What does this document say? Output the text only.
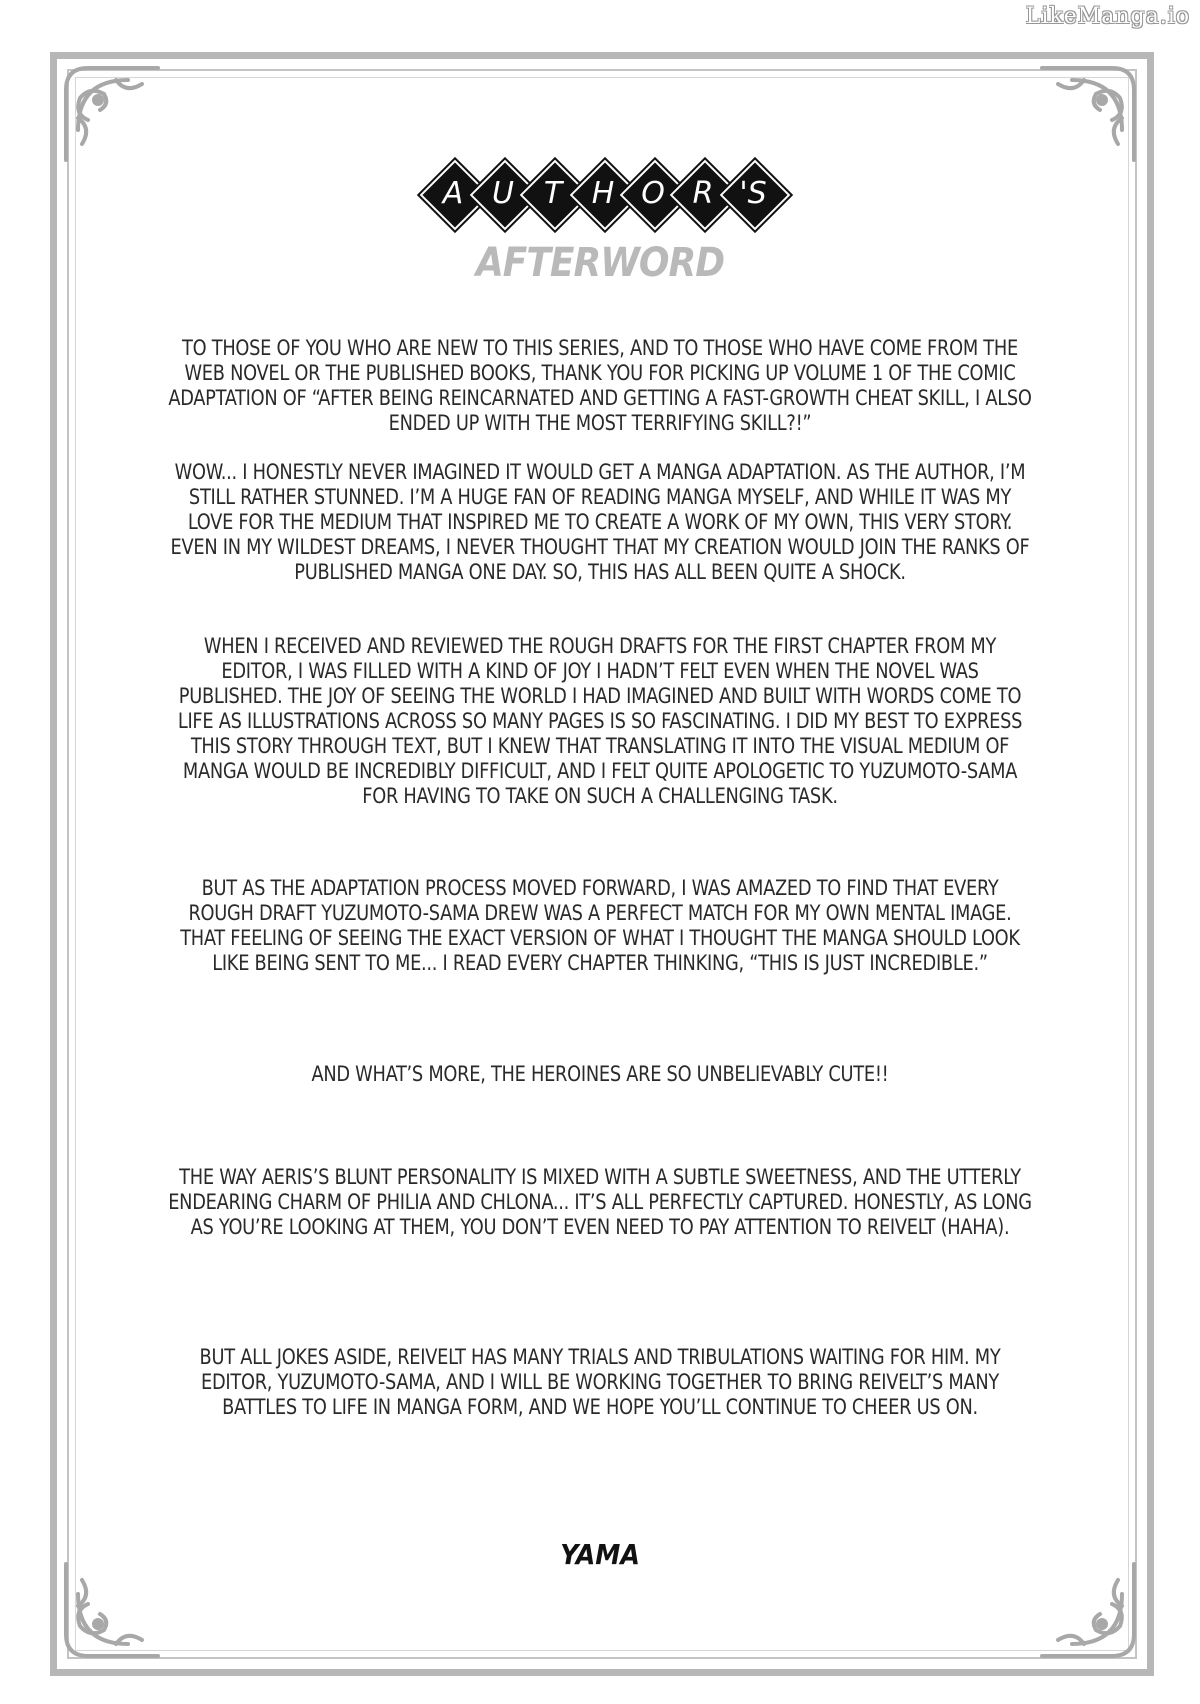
LikeManga.io
A U T H O R 'S
AFTERWORD
TO THOSE OF YOU WHO ARE NEW TO THIS SERIES, AND TO THOSE WHO HAVE COME FROM THE WEB NOVEL OR THE PUBLISHED BOOKS, THANK YOU FOR PICKING UP VOLUME 1 OF THE COMIC ADAPTATION OF “AFTER BEING REINCARNATED AND GETTING A FAST-GROWTH CHEAT SKILL, I ALSO ENDED UP WITH THE MOST TERRIFYING SKILL?!”
WOW... I HONESTLY NEVER IMAGINED IT WOULD GET A MANGA ADAPTATION. AS THE AUTHOR, I’M STILL RATHER STUNNED. I’M A HUGE FAN OF READING MANGA MYSELF, AND WHILE IT WAS MY LOVE FOR THE MEDIUM THAT INSPIRED ME TO CREATE A WORK OF MY OWN, THIS VERY STORY. EVEN IN MY WILDEST DREAMS, I NEVER THOUGHT THAT MY CREATION WOULD JOIN THE RANKS OF PUBLISHED MANGA ONE DAY. SO, THIS HAS ALL BEEN QUITE A SHOCK.
WHEN I RECEIVED AND REVIEWED THE ROUGH DRAFTS FOR THE FIRST CHAPTER FROM MY EDITOR, I WAS FILLED WITH A KIND OF JOY I HADN’T FELT EVEN WHEN THE NOVEL WAS PUBLISHED. THE JOY OF SEEING THE WORLD I HAD IMAGINED AND BUILT WITH WORDS COME TO LIFE AS ILLUSTRATIONS ACROSS SO MANY PAGES IS SO FASCINATING. I DID MY BEST TO EXPRESS THIS STORY THROUGH TEXT, BUT I KNEW THAT TRANSLATING IT INTO THE VISUAL MEDIUM OF MANGA WOULD BE INCREDIBLY DIFFICULT, AND I FELT QUITE APOLOGETIC TO YUZUMOTO-SAMA FOR HAVING TO TAKE ON SUCH A CHALLENGING TASK.
BUT AS THE ADAPTATION PROCESS MOVED FORWARD, I WAS AMAZED TO FIND THAT EVERY ROUGH DRAFT YUZUMOTO-SAMA DREW WAS A PERFECT MATCH FOR MY OWN MENTAL IMAGE. THAT FEELING OF SEEING THE EXACT VERSION OF WHAT I THOUGHT THE MANGA SHOULD LOOK LIKE BEING SENT TO ME... I READ EVERY CHAPTER THINKING, “THIS IS JUST INCREDIBLE.”
AND WHAT’S MORE, THE HEROINES ARE SO UNBELIEVABLY CUTE!!
THE WAY AERIS’S BLUNT PERSONALITY IS MIXED WITH A SUBTLE SWEETNESS, AND THE UTTERLY ENDEARING CHARM OF PHILIA AND CHLONA... IT’S ALL PERFECTLY CAPTURED. HONESTLY, AS LONG AS YOU’RE LOOKING AT THEM, YOU DON’T EVEN NEED TO PAY ATTENTION TO REIVELT (HAHA).
BUT ALL JOKES ASIDE, REIVELT HAS MANY TRIALS AND TRIBULATIONS WAITING FOR HIM. MY EDITOR, YUZUMOTO-SAMA, AND I WILL BE WORKING TOGETHER TO BRING REIVELT’S MANY BATTLES TO LIFE IN MANGA FORM, AND WE HOPE YOU’LL CONTINUE TO CHEER US ON.
YAMA
